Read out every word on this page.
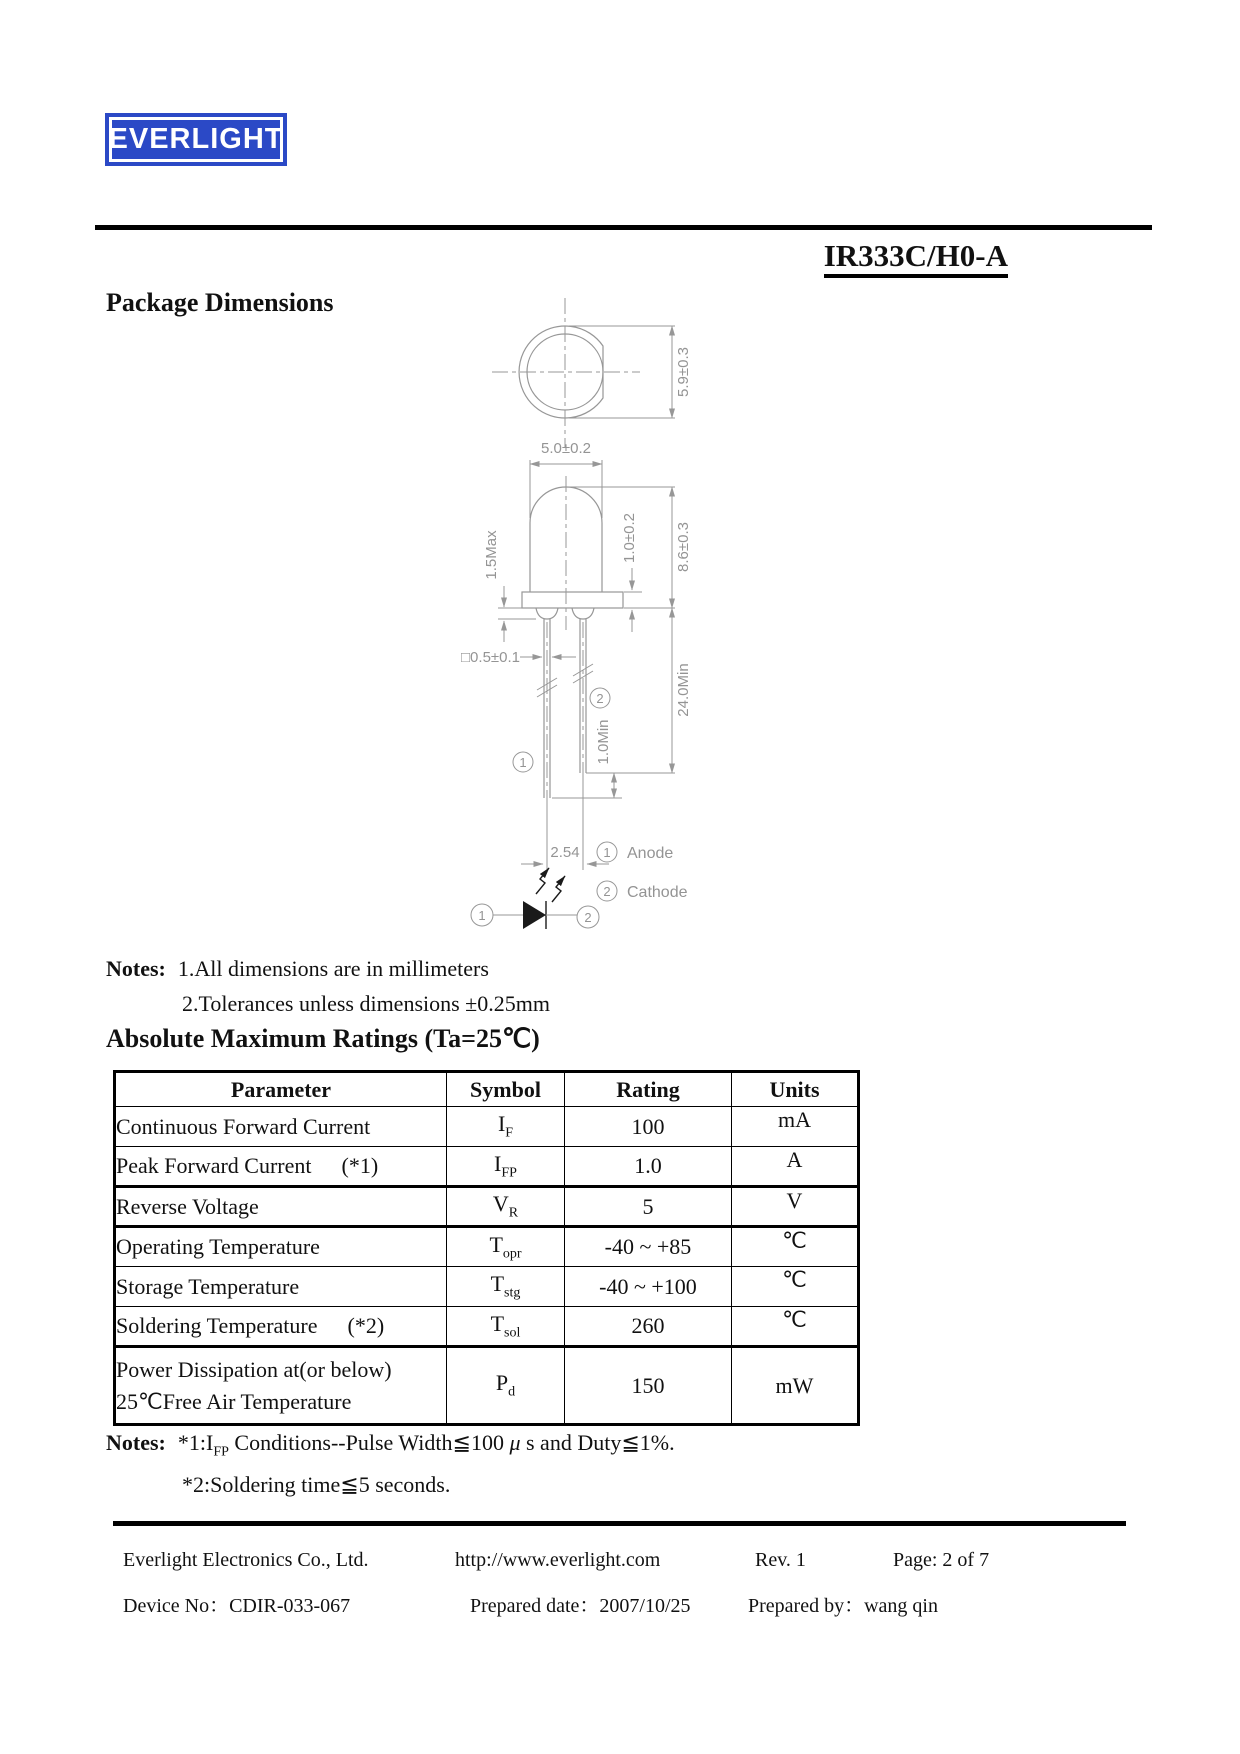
EVERLIGHT
IR333C/H0-A
Package Dimensions
5.9±0.3
5.0±0.2
1.5Max	8.6±0.3
1.0±0.2
24.0Min
□0.5±0.1
2
1.0Min
1
2.54
1	2
1 Anode
2 Cathode
Notes: 1.All dimensions are in millimeters
2.Tolerances unless dimensions ±0.25mm
Absolute Maximum Ratings (Ta=25℃)
Parameter	Symbol	Rating	Units
Continuous Forward Current	$I_F$	100	mA
Peak Forward Current (*1)	$I_{FP}$	1.0	A
Reverse Voltage	$V_R$	5	V
Operating Temperature	$T_{opr}$	-40 ~ +85	℃
Storage Temperature	$T_{stg}$	-40 ~ +100	℃
Soldering Temperature (*2)	$T_{sol}$	260	℃
Power Dissipation at(or below)
25℃Free Air Temperature	$P_d$	150	mW
Notes: $*1:I_{FP}$ Conditions--Pulse Width≦100 μ s and Duty≦1%.
*2:Soldering time≦5 seconds.
Everlight Electronics Co., Ltd.	http://www.everlight.com	Rev. 1	Page: 2 of 7
Device No：CDIR-033-067	Prepared date：2007/10/25	Prepared by：wang qin
